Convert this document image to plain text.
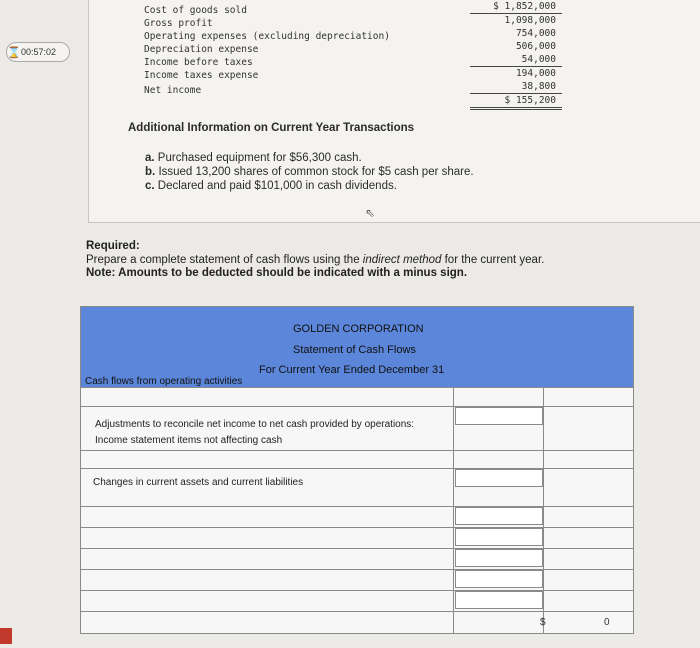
⌛ 00:57:02
Cost of goods sold
Gross profit
Operating expenses (excluding depreciation)
Depreciation expense
Income before taxes
Income taxes expense
Net income
$ 1,852,000
1,098,000
754,000
506,000
54,000
194,000
38,800
$ 155,200
Additional Information on Current Year Transactions
a. Purchased equipment for $56,300 cash.
b. Issued 13,200 shares of common stock for $5 cash per share.
c. Declared and paid $101,000 in cash dividends.
⇖
Required:
Prepare a complete statement of cash flows using the indirect method for the current year.
Note: Amounts to be deducted should be indicated with a minus sign.
GOLDEN CORPORATION
Statement of Cash Flows
For Current Year Ended December 31
Cash flows from operating activities
Adjustments to reconcile net income to net cash provided by operations:
Income statement items not affecting cash
Changes in current assets and current liabilities
$	0
